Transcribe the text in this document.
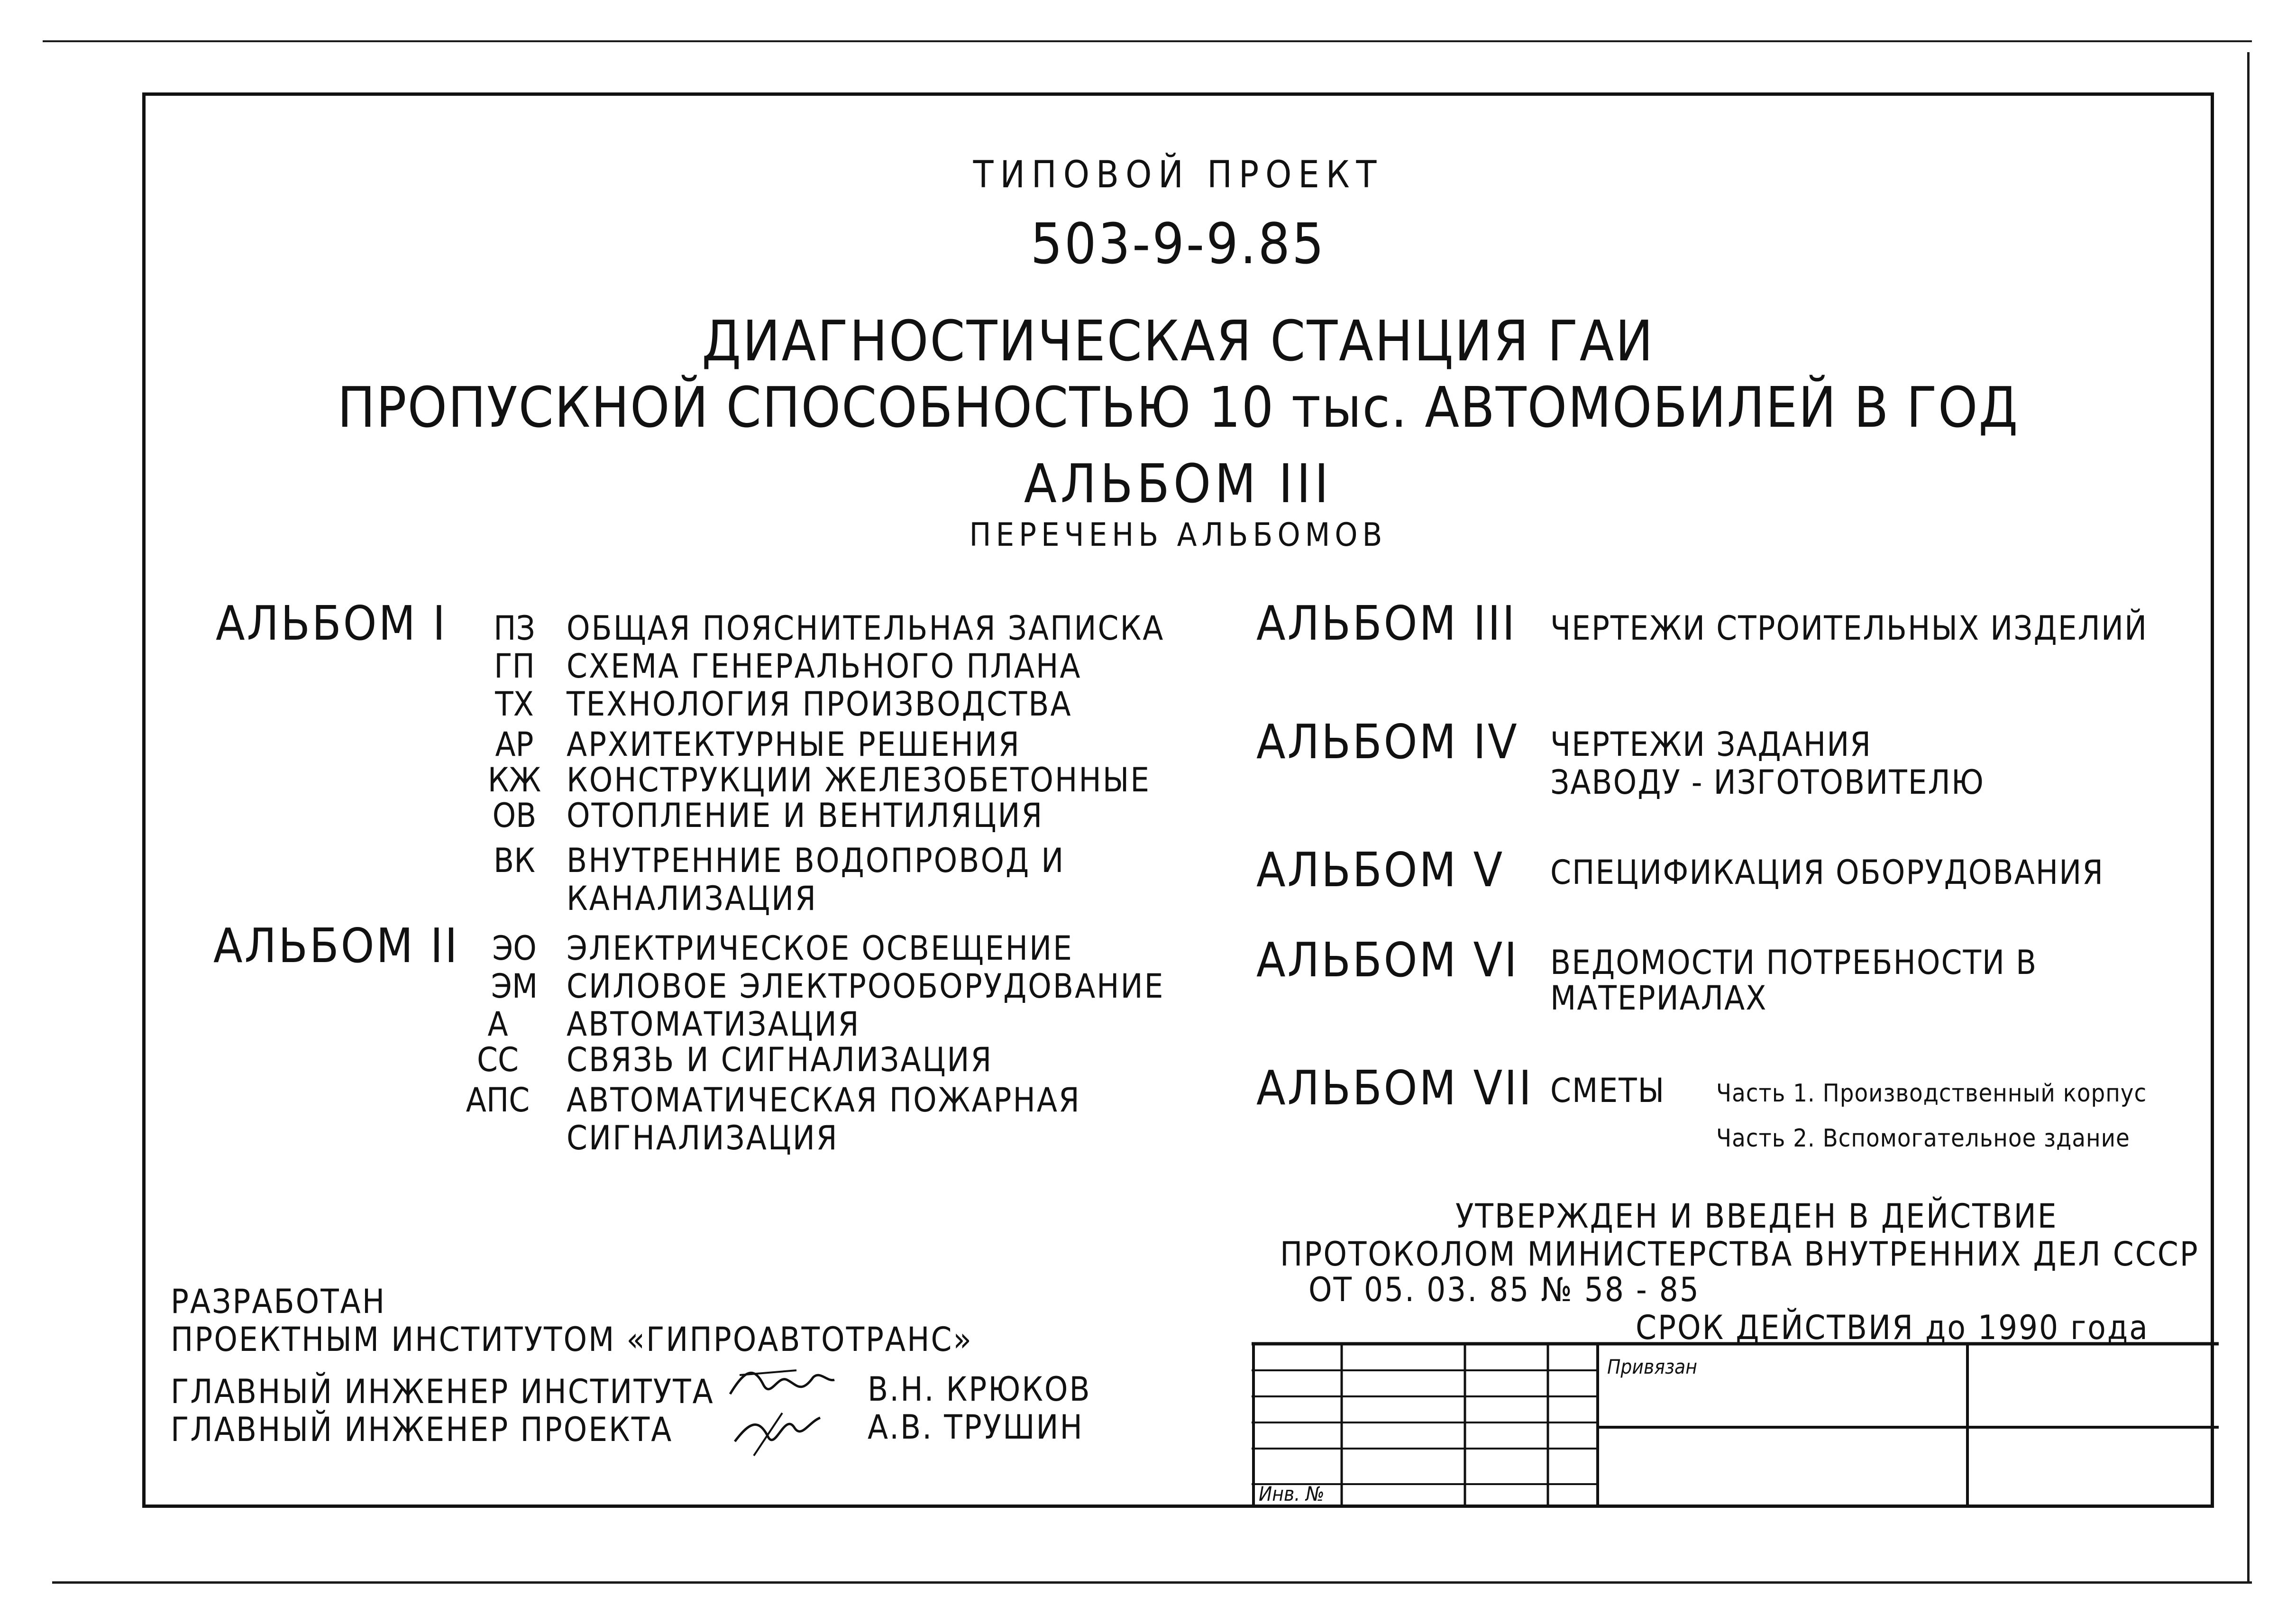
ТИПОВОЙ ПРОЕКТ
503-9-9.85
ДИАГНОСТИЧЕСКАЯ СТАНЦИЯ ГАИ
ПРОПУСКНОЙ СПОСОБНОСТЬЮ 10 тыс. АВТОМОБИЛЕЙ В ГОД
АЛЬБОМ III
ПЕРЕЧЕНЬ АЛЬБОМОВ
АЛЬБОМ I	ПЗ ОБЩАЯ ПОЯСНИТЕЛЬНАЯ ЗАПИСКА
ГП СХЕМА ГЕНЕРАЛЬНОГО ПЛАНА
ТХ ТЕХНОЛОГИЯ ПРОИЗВОДСТВА
АР АРХИТЕКТУРНЫЕ РЕШЕНИЯ
КЖ КОНСТРУКЦИИ ЖЕЛЕЗОБЕТОННЫЕ
ОВ ОТОПЛЕНИЕ И ВЕНТИЛЯЦИЯ
ВК ВНУТРЕННИЕ ВОДОПРОВОД И
КАНАЛИЗАЦИЯ
АЛЬБОМ II ЭО ЭЛЕКТРИЧЕСКОЕ ОСВЕЩЕНИЕ
ЭМ СИЛОВОЕ ЭЛЕКТРООБОРУДОВАНИЕ
А	АВТОМАТИЗАЦИЯ
СС	СВЯЗЬ И СИГНАЛИЗАЦИЯ
АПС	АВТОМАТИЧЕСКАЯ ПОЖАРНАЯ
СИГНАЛИЗАЦИЯ
АЛЬБОМ III ЧЕРТЕЖИ СТРОИТЕЛЬНЫХ ИЗДЕЛИЙ
АЛЬБОМ IV ЧЕРТЕЖИ ЗАДАНИЯ
ЗАВОДУ - ИЗГОТОВИТЕЛЮ
АЛЬБОМ V СПЕЦИФИКАЦИЯ ОБОРУДОВАНИЯ
АЛЬБОМ VI ВЕДОМОСТИ ПОТРЕБНОСТИ В
МАТЕРИАЛАХ
АЛЬБОМ VII СМЕТЫ Часть 1. Производственный корпус
Часть 2. Вспомогательное здание
УТВЕРЖДЕН И ВВЕДЕН В ДЕЙСТВИЕ
ПРОТОКОЛОМ МИНИСТЕРСТВА ВНУТРЕННИХ ДЕЛ СССР
ОТ 05. 03. 85 № 58 - 85
СРОК ДЕЙСТВИЯ до 1990 года
РАЗРАБОТАН
ПРОЕКТНЫМ ИНСТИТУТОМ «ГИПРОАВТОТРАНС»
ГЛАВНЫЙ ИНЖЕНЕР ИНСТИТУТА
ГЛАВНЫЙ ИНЖЕНЕР ПРОЕКТА
В.Н. КРЮКОВ
А.В. ТРУШИН
Привязан
Инв. №
